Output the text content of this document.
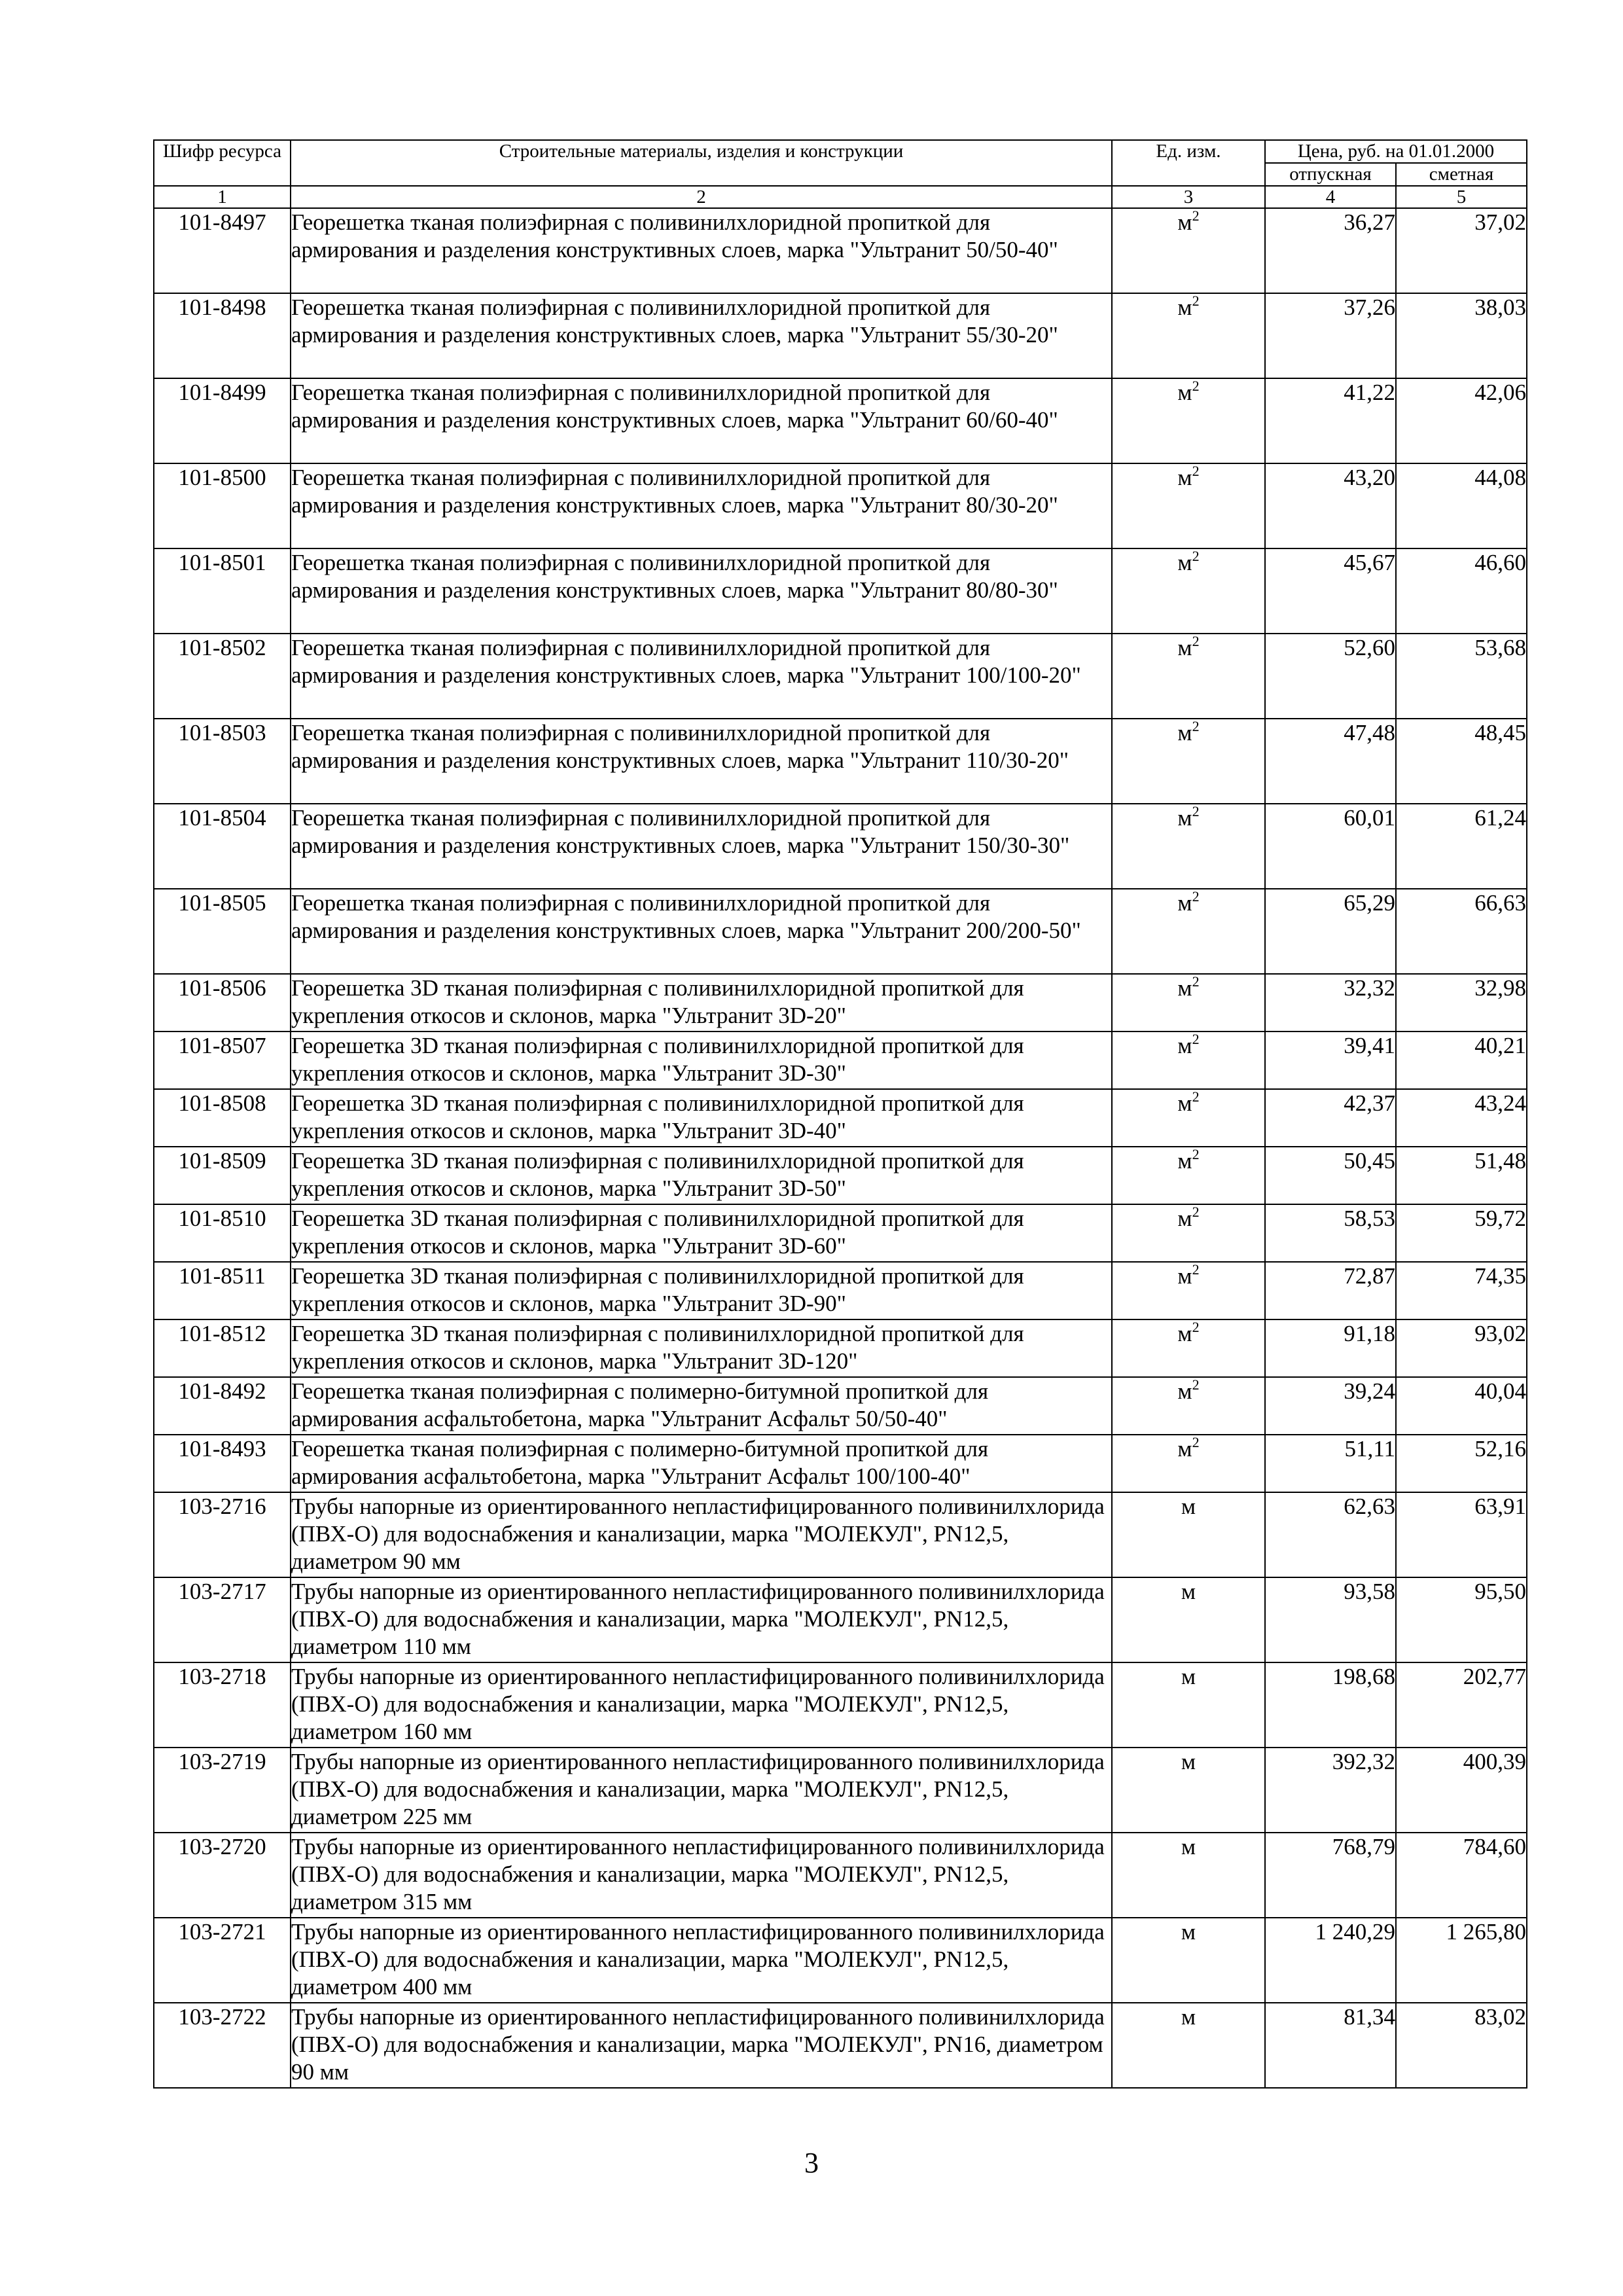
Шифр ресурса	Строительные материалы, изделия и конструкции	Ед. изм.	Цена, руб. на 01.01.2000	
			отпускная	сметная
1	2	3	4	5
101-8497	Георешетка тканая полиэфирная с поливинилхлоридной пропиткой для армирования и разделения конструктивных слоев, марка "Ультранит 50/50-40"	$м^2$	36,27	37,02
101-8498	Георешетка тканая полиэфирная с поливинилхлоридной пропиткой для армирования и разделения конструктивных слоев, марка "Ультранит 55/30-20"	$м^2$	37,26	38,03
101-8499	Георешетка тканая полиэфирная с поливинилхлоридной пропиткой для армирования и разделения конструктивных слоев, марка "Ультранит 60/60-40"	$м^2$	41,22	42,06
101-8500	Георешетка тканая полиэфирная с поливинилхлоридной пропиткой для армирования и разделения конструктивных слоев, марка "Ультранит 80/30-20"	$м^2$	43,20	44,08
101-8501	Георешетка тканая полиэфирная с поливинилхлоридной пропиткой для армирования и разделения конструктивных слоев, марка "Ультранит 80/80-30"	$м^2$	45,67	46,60
101-8502	Георешетка тканая полиэфирная с поливинилхлоридной пропиткой для армирования и разделения конструктивных слоев, марка "Ультранит 100/100-20"	$м^2$	52,60	53,68
101-8503	Георешетка тканая полиэфирная с поливинилхлоридной пропиткой для армирования и разделения конструктивных слоев, марка "Ультранит 110/30-20"	$м^2$	47,48	48,45
101-8504	Георешетка тканая полиэфирная с поливинилхлоридной пропиткой для армирования и разделения конструктивных слоев, марка "Ультранит 150/30-30"	$м^2$	60,01	61,24
101-8505	Георешетка тканая полиэфирная с поливинилхлоридной пропиткой для армирования и разделения конструктивных слоев, марка "Ультранит 200/200-50"	$м^2$	65,29	66,63
101-8506	Георешетка 3D тканая полиэфирная с поливинилхлоридной пропиткой для укрепления откосов и склонов, марка "Ультранит 3D-20"	$м^2$	32,32	32,98
101-8507	Георешетка 3D тканая полиэфирная с поливинилхлоридной пропиткой для укрепления откосов и склонов, марка "Ультранит 3D-30"	$м^2$	39,41	40,21
101-8508	Георешетка 3D тканая полиэфирная с поливинилхлоридной пропиткой для укрепления откосов и склонов, марка "Ультранит 3D-40"	$м^2$	42,37	43,24
101-8509	Георешетка 3D тканая полиэфирная с поливинилхлоридной пропиткой для укрепления откосов и склонов, марка "Ультранит 3D-50"	$м^2$	50,45	51,48
101-8510	Георешетка 3D тканая полиэфирная с поливинилхлоридной пропиткой для укрепления откосов и склонов, марка "Ультранит 3D-60"	$м^2$	58,53	59,72
101-8511	Георешетка 3D тканая полиэфирная с поливинилхлоридной пропиткой для укрепления откосов и склонов, марка "Ультранит 3D-90"	$м^2$	72,87	74,35
101-8512	Георешетка 3D тканая полиэфирная с поливинилхлоридной пропиткой для укрепления откосов и склонов, марка "Ультранит 3D-120"	$м^2$	91,18	93,02
101-8492	Георешетка тканая полиэфирная с полимерно-битумной пропиткой для армирования асфальтобетона, марка "Ультранит Асфальт 50/50-40"	$м^2$	39,24	40,04
101-8493	Георешетка тканая полиэфирная с полимерно-битумной пропиткой для армирования асфальтобетона, марка "Ультранит Асфальт 100/100-40"	$м^2$	51,11	52,16
103-2716	Трубы напорные из ориентированного непластифицированного поливинилхлорида (ПВХ-О) для водоснабжения и канализации, марка "МОЛЕКУЛ", PN12,5, диаметром 90 мм	м	62,63	63,91
103-2717	Трубы напорные из ориентированного непластифицированного поливинилхлорида (ПВХ-О) для водоснабжения и канализации, марка "МОЛЕКУЛ", PN12,5, диаметром 110 мм	м	93,58	95,50
103-2718	Трубы напорные из ориентированного непластифицированного поливинилхлорида (ПВХ-О) для водоснабжения и канализации, марка "МОЛЕКУЛ", PN12,5, диаметром 160 мм	м	198,68	202,77
103-2719	Трубы напорные из ориентированного непластифицированного поливинилхлорида (ПВХ-О) для водоснабжения и канализации, марка "МОЛЕКУЛ", PN12,5, диаметром 225 мм	м	392,32	400,39
103-2720	Трубы напорные из ориентированного непластифицированного поливинилхлорида (ПВХ-О) для водоснабжения и канализации, марка "МОЛЕКУЛ", PN12,5, диаметром 315 мм	м	768,79	784,60
103-2721	Трубы напорные из ориентированного непластифицированного поливинилхлорида (ПВХ-О) для водоснабжения и канализации, марка "МОЛЕКУЛ", PN12,5, диаметром 400 мм	м	1 240,29	1 265,80
103-2722	Трубы напорные из ориентированного непластифицированного поливинилхлорида (ПВХ-О) для водоснабжения и канализации, марка "МОЛЕКУЛ", PN16, диаметром 90 мм	м	81,34	83,02
3
